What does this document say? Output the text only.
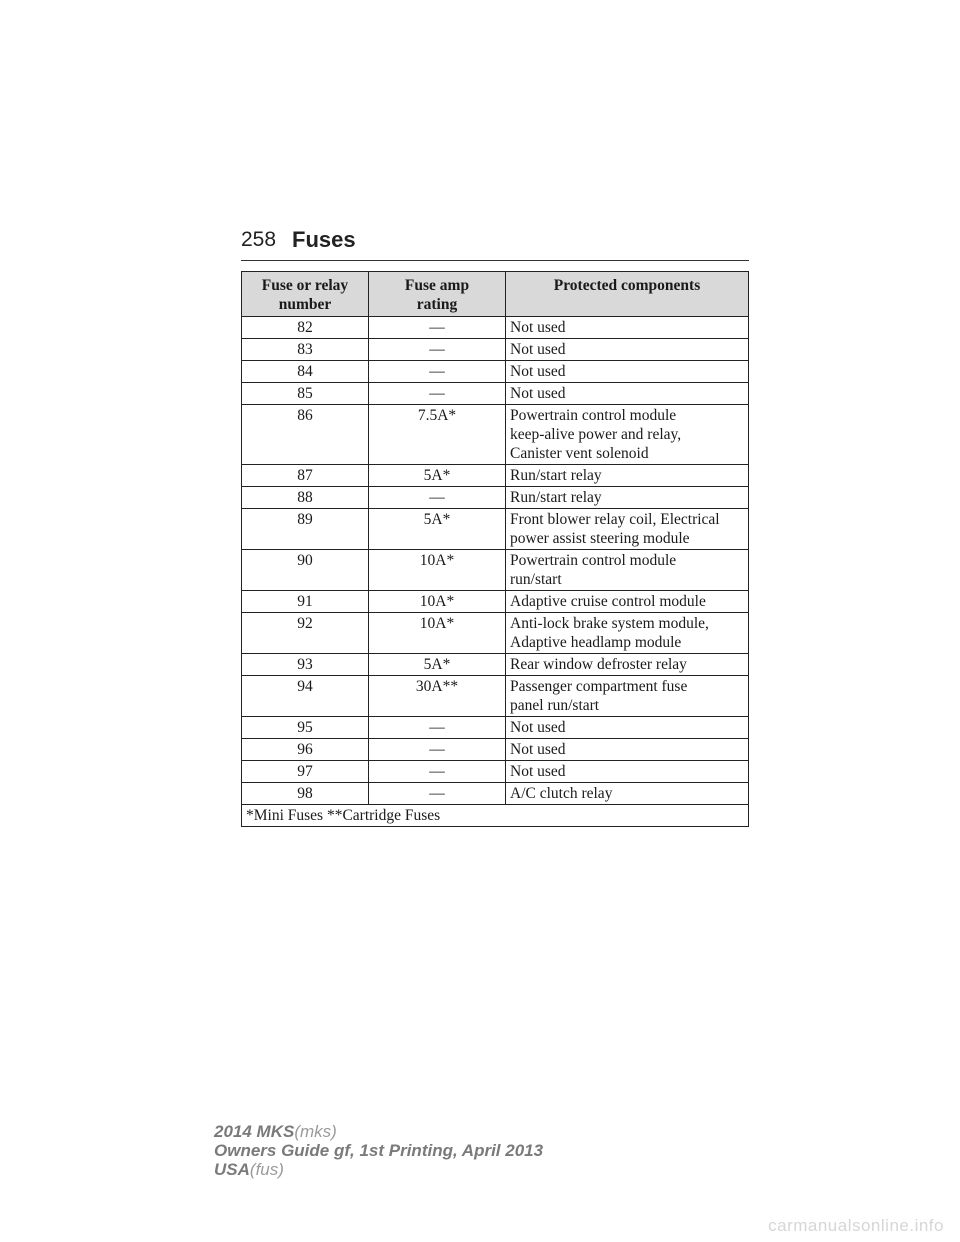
258 Fuses
Fuse or relay
number	Fuse amp
rating	Protected components
82	—	Not used
83	—	Not used
84	—	Not used
85	—	Not used
86	7.5A*	Powertrain control module
keep-alive power and relay,
Canister vent solenoid
87	5A*	Run/start relay
88	—	Run/start relay
89	5A*	Front blower relay coil, Electrical
power assist steering module
90	10A*	Powertrain control module
run/start
91	10A*	Adaptive cruise control module
92	10A*	Anti-lock brake system module,
Adaptive headlamp module
93	5A*	Rear window defroster relay
94	30A**	Passenger compartment fuse
panel run/start
95	—	Not used
96	—	Not used
97	—	Not used
98	—	A/C clutch relay
*Mini Fuses **Cartridge Fuses		
2014 MKS(mks)
Owners Guide gf, 1st Printing, April 2013
USA(fus)
carmanualsonline.info
